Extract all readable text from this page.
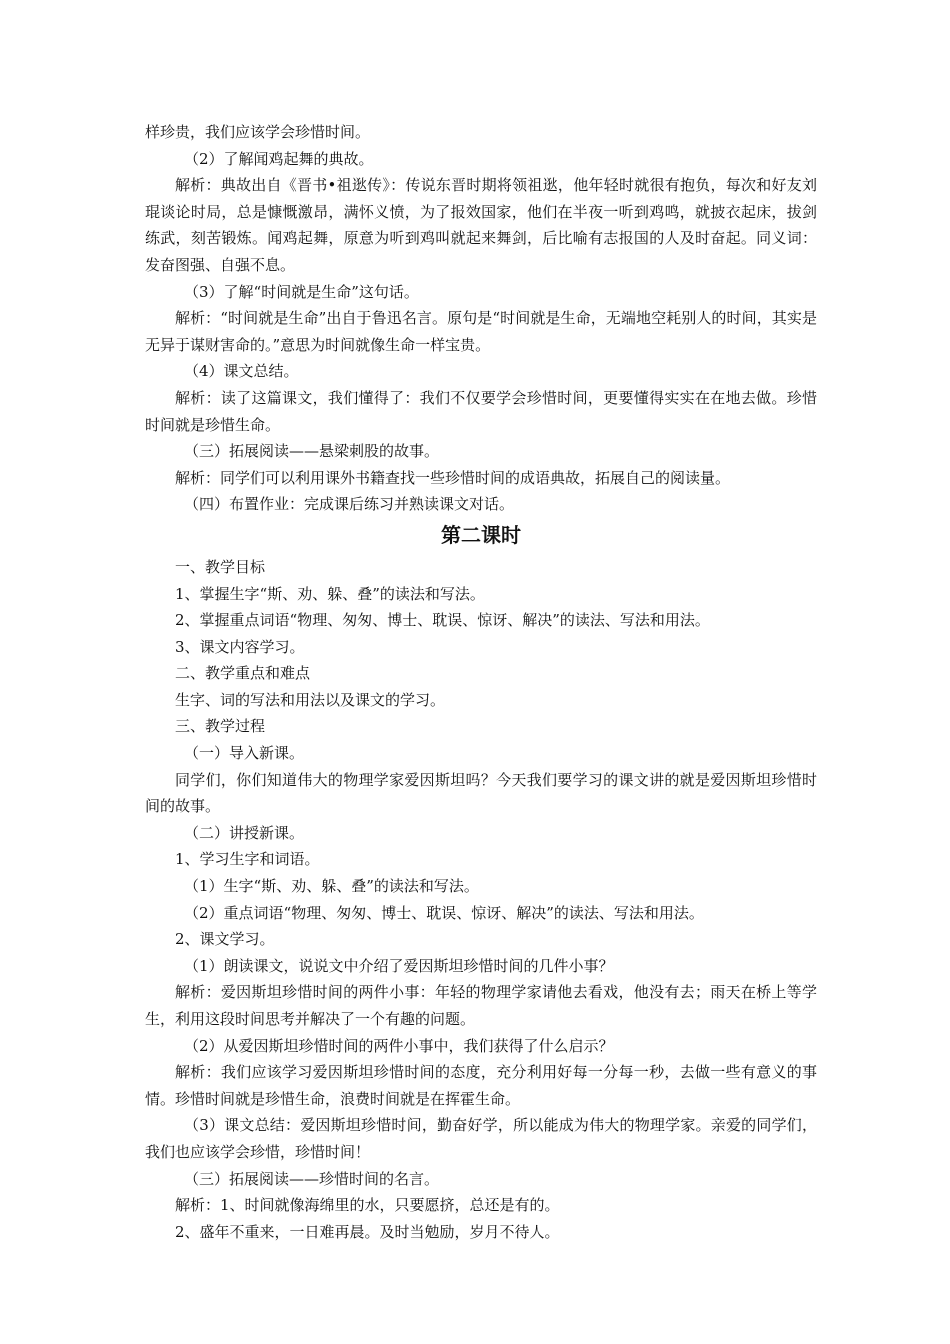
样珍贵，我们应该学会珍惜时间。

（2）了解闻鸡起舞的典故。

解析：典故出自《晋书•祖逖传》：传说东晋时期将领祖逖，他年轻时就很有抱负，每次和好友刘琨谈论时局，总是慷慨激昂，满怀义愤，为了报效国家，他们在半夜一听到鸡鸣，就披衣起床，拔剑练武，刻苦锻炼。闻鸡起舞，原意为听到鸡叫就起来舞剑，后比喻有志报国的人及时奋起。同义词：发奋图强、自强不息。

（3）了解“时间就是生命”这句话。

解析：“时间就是生命”出自于鲁迅名言。原句是“时间就是生命，无端地空耗别人的时间，其实是无异于谋财害命的。”意思为时间就像生命一样宝贵。

（4）课文总结。

解析：读了这篇课文，我们懂得了：我们不仅要学会珍惜时间，更要懂得实实在在地去做。珍惜时间就是珍惜生命。

（三）拓展阅读——悬梁刺股的故事。

解析：同学们可以利用课外书籍查找一些珍惜时间的成语典故，拓展自己的阅读量。

（四）布置作业：完成课后练习并熟读课文对话。

第二课时

一、教学目标

1、掌握生字“斯、劝、躲、叠”的读法和写法。

2、掌握重点词语“物理、匆匆、博士、耽误、惊讶、解决”的读法、写法和用法。

3、课文内容学习。

二、教学重点和难点

生字、词的写法和用法以及课文的学习。

三、教学过程

（一）导入新课。

同学们，你们知道伟大的物理学家爱因斯坦吗？今天我们要学习的课文讲的就是爱因斯坦珍惜时间的故事。

（二）讲授新课。

1、学习生字和词语。

（1）生字“斯、劝、躲、叠”的读法和写法。

（2）重点词语“物理、匆匆、博士、耽误、惊讶、解决”的读法、写法和用法。

2、课文学习。

（1）朗读课文，说说文中介绍了爱因斯坦珍惜时间的几件小事？

解析：爱因斯坦珍惜时间的两件小事：年轻的物理学家请他去看戏，他没有去；雨天在桥上等学生，利用这段时间思考并解决了一个有趣的问题。

（2）从爱因斯坦珍惜时间的两件小事中，我们获得了什么启示？

解析：我们应该学习爱因斯坦珍惜时间的态度，充分利用好每一分每一秒，去做一些有意义的事情。珍惜时间就是珍惜生命，浪费时间就是在挥霍生命。

（3）课文总结：爱因斯坦珍惜时间，勤奋好学，所以能成为伟大的物理学家。亲爱的同学们，我们也应该学会珍惜，珍惜时间！

（三）拓展阅读——珍惜时间的名言。

解析：1、时间就像海绵里的水，只要愿挤，总还是有的。

2、盛年不重来，一日难再晨。及时当勉励，岁月不待人。
